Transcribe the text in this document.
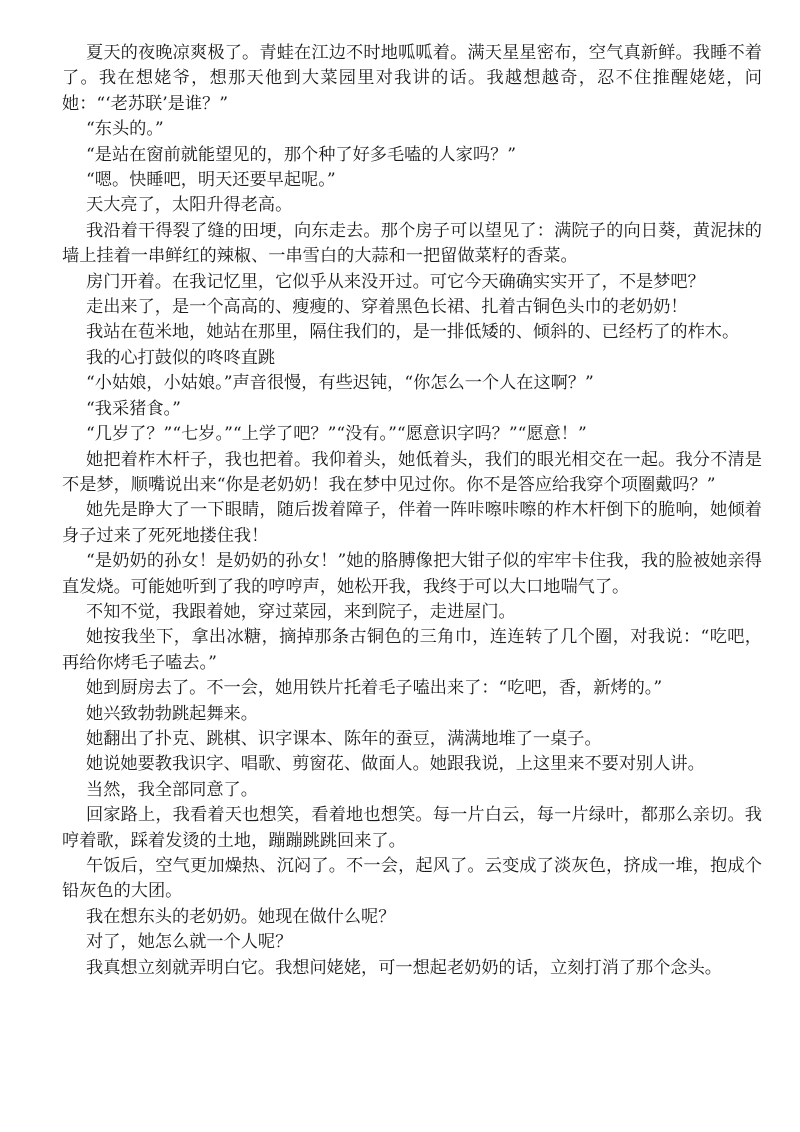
夏天的夜晚凉爽极了。青蛙在江边不时地呱呱着。满天星星密布，空气真新鲜。我睡不着了。我在想姥爷，想那天他到大菜园里对我讲的话。我越想越奇，忍不住推醒姥姥，问她：“‘老苏联’是谁？”

“东头的。”

“是站在窗前就能望见的，那个种了好多毛嗑的人家吗？”

“嗯。快睡吧，明天还要早起呢。”

天大亮了，太阳升得老高。

我沿着干得裂了缝的田埂，向东走去。那个房子可以望见了：满院子的向日葵，黄泥抹的墙上挂着一串鲜红的辣椒、一串雪白的大蒜和一把留做菜籽的香菜。

房门开着。在我记忆里，它似乎从来没开过。可它今天确确实实开了，不是梦吧？

走出来了，是一个高高的、瘦瘦的、穿着黑色长裙、扎着古铜色头巾的老奶奶！

我站在苞米地，她站在那里，隔住我们的，是一排低矮的、倾斜的、已经朽了的柞木。

我的心打鼓似的咚咚直跳

“小姑娘，小姑娘。”声音很慢，有些迟钝，“你怎么一个人在这啊？”

“我采猪食。”

“几岁了？”“七岁。”“上学了吧？”“没有。”“愿意识字吗？”“愿意！”

她把着柞木杆子，我也把着。我仰着头，她低着头，我们的眼光相交在一起。我分不清是不是梦，顺嘴说出来“你是老奶奶！我在梦中见过你。你不是答应给我穿个项圈戴吗？”

她先是睁大了一下眼睛，随后拨着障子，伴着一阵咔嚓咔嚓的柞木杆倒下的脆响，她倾着身子过来了死死地搂住我！

“是奶奶的孙女！是奶奶的孙女！”她的胳膊像把大钳子似的牢牢卡住我，我的脸被她亲得直发烧。可能她听到了我的哼哼声，她松开我，我终于可以大口地喘气了。

不知不觉，我跟着她，穿过菜园，来到院子，走进屋门。

她按我坐下，拿出冰糖，摘掉那条古铜色的三角巾，连连转了几个圈，对我说：“吃吧，再给你烤毛子嗑去。”

她到厨房去了。不一会，她用铁片托着毛子嗑出来了：“吃吧，香，新烤的。”

她兴致勃勃跳起舞来。

她翻出了扑克、跳棋、识字课本、陈年的蚕豆，满满地堆了一桌子。

她说她要教我识字、唱歌、剪窗花、做面人。她跟我说，上这里来不要对别人讲。

当然，我全部同意了。

回家路上，我看着天也想笑，看着地也想笑。每一片白云，每一片绿叶，都那么亲切。我哼着歌，踩着发烫的土地，蹦蹦跳跳回来了。

午饭后，空气更加燥热、沉闷了。不一会，起风了。云变成了淡灰色，挤成一堆，抱成个铅灰色的大团。

我在想东头的老奶奶。她现在做什么呢？

对了，她怎么就一个人呢？

我真想立刻就弄明白它。我想问姥姥，可一想起老奶奶的话，立刻打消了那个念头。
